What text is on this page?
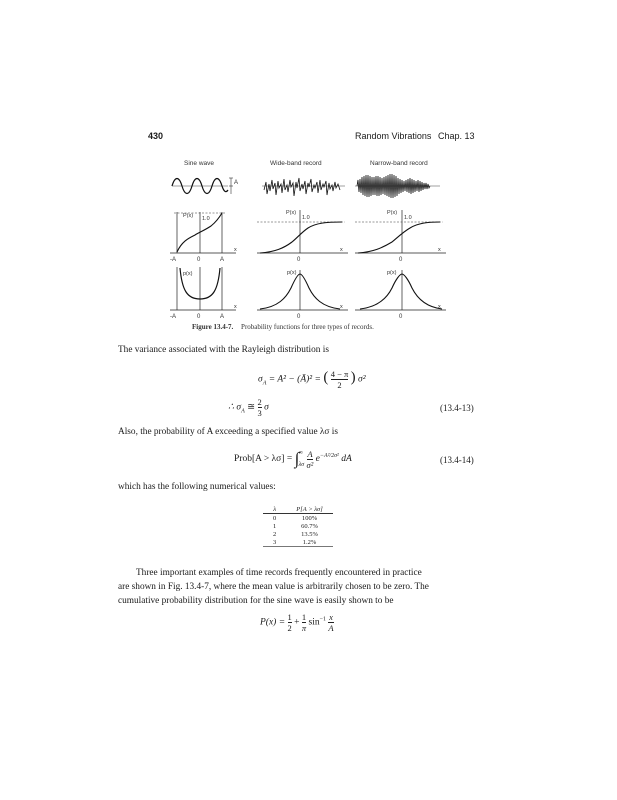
430	Random Vibrations Chap. 13
Sine wave	Wide-band record	Narrow-band record
A
x
P(x) 1.0
-A	0	A
x
P(x)
1.0
0
x
P(x)
1.0
0
x
p(x)
-A	0	A
x
p(x)
0
x
p(x)
0
Figure 13.4-7. Probability functions for three types of records.
The variance associated with the Rayleigh distribution is
$\sigma_A = A^2$ − (Ā)² = ( $\frac{4 - \pi}{2}$ ) σ²
∴ $\sigma_A$ ≅ $\frac{2}{3}$ σ	(13.4-13)
Also, the probability of A exceeding a specified value λσ is
Prob[A > λσ] = ∫ ∞
λσ
$\frac{A}{\text{σ²}} e^{-A^2/2\sigma^2}$ dA	(13.4-14)
which has the following numerical values:
λ	P[A > λσ]
0	100%
1	60.7%
2	13.5%
3	1.2%
Three important examples of time records frequently encountered in practice
are shown in Fig. 13.4-7, where the mean value is arbitrarily chosen to be zero. The
cumulative probability distribution for the sine wave is easily shown to be
$P(x) = \frac{1}{2} + \frac{1}{\pi} \sin^{-1} \frac{x}{A}$
